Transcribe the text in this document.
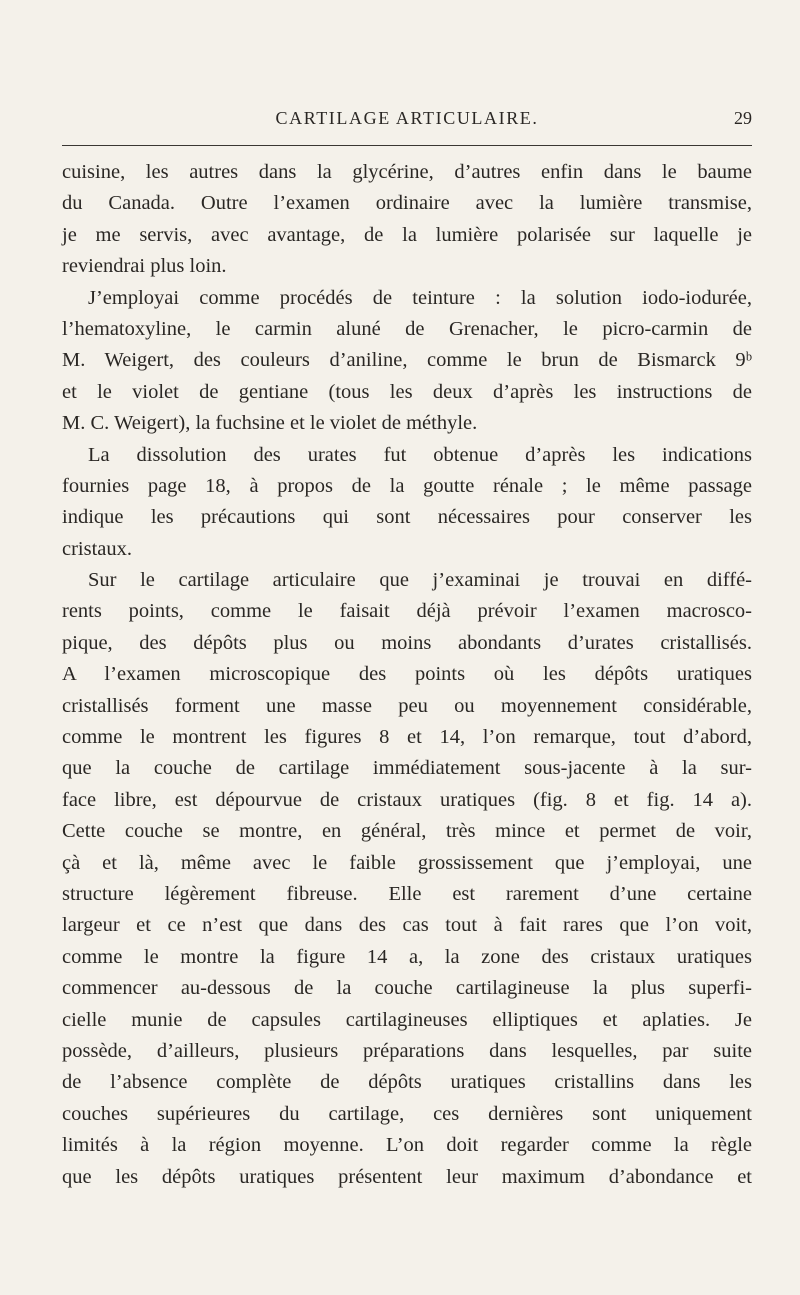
CARTILAGE ARTICULAIRE.	29
cuisine, les autres dans la glycérine, d’autres enfin dans le baume
du Canada. Outre l’examen ordinaire avec la lumière transmise,
je me servis, avec avantage, de la lumière polarisée sur laquelle je
reviendrai plus loin.
J’employai comme procédés de teinture : la solution iodo-iodurée,
l’hematoxyline, le carmin aluné de Grenacher, le picro-carmin de
M. Weigert, des couleurs d’aniline, comme le brun de Bismarck 9ᵇ
et le violet de gentiane (tous les deux d’après les instructions de
M. C. Weigert), la fuchsine et le violet de méthyle.
La dissolution des urates fut obtenue d’après les indications
fournies page 18, à propos de la goutte rénale ; le même passage
indique les précautions qui sont nécessaires pour conserver les
cristaux.
Sur le cartilage articulaire que j’examinai je trouvai en diffé-
rents points, comme le faisait déjà prévoir l’examen macrosco-
pique, des dépôts plus ou moins abondants d’urates cristallisés.
A l’examen microscopique des points où les dépôts uratiques
cristallisés forment une masse peu ou moyennement considérable,
comme le montrent les figures 8 et 14, l’on remarque, tout d’abord,
que la couche de cartilage immédiatement sous-jacente à la sur-
face libre, est dépourvue de cristaux uratiques (fig. 8 et fig. 14 a).
Cette couche se montre, en général, très mince et permet de voir,
çà et là, même avec le faible grossissement que j’employai, une
structure légèrement fibreuse. Elle est rarement d’une certaine
largeur et ce n’est que dans des cas tout à fait rares que l’on voit,
comme le montre la figure 14 a, la zone des cristaux uratiques
commencer au-dessous de la couche cartilagineuse la plus superfi-
cielle munie de capsules cartilagineuses elliptiques et aplaties. Je
possède, d’ailleurs, plusieurs préparations dans lesquelles, par suite
de l’absence complète de dépôts uratiques cristallins dans les
couches supérieures du cartilage, ces dernières sont uniquement
limités à la région moyenne. L’on doit regarder comme la règle
que les dépôts uratiques présentent leur maximum d’abondance et
